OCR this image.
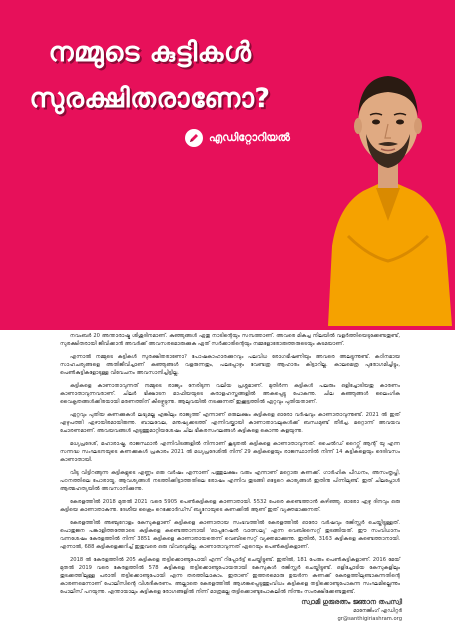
നമ്മുടെ കുട്ടികൾ
സുരക്ഷിതരാണോ?
എഡിറ്റോറിയൽ

നവംബർ 20 അന്താരാഷ്ട്ര ശിശുദിനമാണ്. കുഞ്ഞുങ്ങൾ ഏതു നാടിന്റെയും സമ്പത്താണ്. അവരെ മികച്ച നിലയിൽ വളർത്തിയെടുക്കേണ്ടതുണ്ട്, സുരക്ഷിതരായി ജീവിക്കാൻ അവർക്ക് അവസരമൊരുക്കുക ഏത് സർക്കാരിന്റെയും നമ്മളോരോരുത്തരുടെയും കടമയാണ്.

എന്നാൽ നമ്മുടെ കുട്ടികൾ സുരക്ഷിതരാണോ? പോഷകാഹാരക്കുറവും പലവിധ രോഗഭീഷണിയും അവരെ അലട്ടുന്നുണ്ട്. കഠിനമായ സാഹചര്യങ്ങളെ അതിജീവിച്ചാണ് കുഞ്ഞുങ്ങൾ വളരുന്നതും, പലപ്പോഴും വേണ്ടത്ര ആഹാരം കിട്ടാറില്ല. കാലമെത്ര പുരോഗമിച്ചിട്ടും, പെൺകുട്ടികളോടുള്ള വിവേചനം അവസാനിച്ചിട്ടില്ല.

കുട്ടികളെ കാണാതാവുന്നത് നമ്മുടെ രാജ്യം നേരിടുന്ന വലിയ പ്രശ്നമാണ്. മുതിർന്ന കുട്ടികൾ പലരും ഒളിച്ചോടിയതു കാരണം കാണാതാവുന്നവരാണ്. ചിലർ ഭിക്ഷാടന മാഫിയയുടെ കരാളഹസ്തങ്ങളിൽ അകപ്പെട്ടു പോകുന്നു. ചില കുഞ്ഞുങ്ങൾ ലൈംഗിക വൈകൃതങ്ങൾക്കിരയായി മരണത്തിന് കീഴ്പ്പെടുന്നു. ആലുവയിൽ നടക്കുന്നത് ഇക്കൂട്ടത്തിൽ ഏറ്റവും പുതിയതാണ്.

ഏറ്റവും പുതിയ കണക്കുകൾ ലഭ്യമല്ല എങ്കിലും രാജ്യത്ത് എന്നാണ് ഒരുലക്ഷം കുട്ടികളെ ഓരോ വർഷവും കാണാതാവുന്നുണ്ട്. 2021 ൽ ഇത് എഴുപത്തി ഏഴായിരമായിരുന്നു. ബാലവേല, മനുഷ്യക്കടത്ത് എന്നിവയ്ക്കായി കാണാതാവലുകൾക്ക് ബന്ധമുണ്ട് തീർച്ച. മറ്റൊന്ന് അവയവ ചോരണമാണ്. അവയവങ്ങൾ എടുത്തുമാറ്റിയശേഷം ചില ഭീകരസംഘങ്ങൾ കുട്ടികളെ കൊന്നു കളയുന്നു.

മധ്യപ്രദേശ്, മഹാരാഷ്ട്ര, രാജസ്ഥാൻ എന്നിവിടങ്ങളിൽ നിന്നാണ് കൂടുതൽ കുട്ടികളെ കാണാതാവുന്നത്. ചൈൽഡ് റൈറ്റ്സ് ആന്റ് യു എന്ന സന്നദ്ധ സംഘടനയുടെ കണക്കുകൾ പ്രകാരം 2021 ൽ മധ്യപ്രദേശിൽ നിന്ന് 29 കുട്ടികളെയും രാജസ്ഥാനിൽ നിന്ന് 14 കുട്ടികളെയും ദെദിവസം കാണാതായി.

വീടു വിട്ടിറങ്ങുന്ന കുട്ടികളുടെ എണ്ണം ഒരു വർഷം എന്നാണ് പത്തുലക്ഷം വരും എന്നാണ് മറ്റൊരു കണക്ക്. ഗാർഹിക പീഡനം, അസംതൃപ്തി, പഠനത്തിലെ പോരായ്മ, ആവശ്യങ്ങൾ നടത്തിക്കിട്ടാത്തതിലെ രോഷം എന്നിവ തുടങ്ങി ഒട്ടേറെ കാര്യങ്ങൾ ഇതിനു പിന്നിലുണ്ട്. ഇത് ചിലപ്പോൾ ആത്മഹത്യയിൽ അവസാനിക്കുന്നു.

കേരളത്തിൽ 2018 മുതൽ 2021 വരെ 5905 പെൺകുട്ടികളെ കാണാതായി. 5532 പേരെ കണ്ടെത്താൻ കഴിഞ്ഞു. ഓരോ ഏഴു ദിനവും ഒരു കുട്ടിയെ കാണാതാകുന്നു. ദേശീയ ക്രൈം റെക്കോർഡ്സ് ബ്യൂറോയുടെ കണക്കിൽ ആണ് ഇത് വ്യക്തമാക്കുന്നത്.

കേരളത്തിൽ അഞ്ചുറോളം കേസുകളാണ് കുട്ടികളെ കാണാതായ സംഭവത്തിൽ കേരളത്തിൽ ഓരോ വർഷവും രജിസ്റ്റർ ചെയ്തിട്ടുള്ളത്. പൊതുജന പങ്കാളിത്തത്തോടെ കുട്ടികളെ കണ്ടെത്താനായി 'ഓപ്പറേഷൻ വാത്സല്യ' എന്ന വെബ്സൈറ്റ് തുടങ്ങിയത്. ഈ സംവിധാനം വന്നശേഷം കേരളത്തിൽ നിന്ന് 3851 കുട്ടികളെ കാണാതായതെന്ന് വെബ്സൈറ്റ് വ്യക്തമാക്കുന്നു. ഇതിൽ, 3163 കുട്ടികളെ കണ്ടെത്താനായി. എന്നാൽ, 688 കുട്ടികളെക്കുറിച്ച് ഇതുവരെ ഒരു വിവരവുമില്ല. കാണാതാവുന്നത് ഏറെയും പെൺകുട്ടികളാണ്.

2018 ൽ കേരളത്തിൽ 205 കുട്ടികളെ തട്ടിക്കൊണ്ടുപോയി എന്ന് റിപ്പോർട്ട് ചെയ്തിട്ടുണ്ട്. ഇതിൽ, 181 പേരും പെൺകുട്ടികളാണ്. 2016 മേയ് മുതൽ 2019 വരെ കേരളത്തിൽ 578 കുട്ടികളെ തട്ടിക്കൊണ്ടുപോയതായി കേസുകൾ രജിസ്റ്റർ ചെയ്തിട്ടുണ്ട്. ഒളിച്ചോടിയ കേസുകളിലും തുടക്കത്തിലുള്ള പരാതി തട്ടിക്കൊണ്ടുപോയി എന്ന തരത്തിലാകാം. ഇതാണ് ഇത്തരമൊരു ഉയർന്ന കണക്ക് കേരളത്തിലുണ്ടാകുന്നതിന്റെ കാരണമെന്നാണ് പോലീസിന്റെ വിശദീകരണം. അല്ലാതെ കേരളത്തിൽ ആശങ്കപ്പെടുത്തുംവിധം കുട്ടികളെ തട്ടിക്കൊണ്ടുപോകുന്ന സംഘമില്ലെന്നും പോലീസ് പറയുന്നു. എന്തായാലും കുട്ടികളെ രോഗങ്ങളിൽ നിന്ന് മാത്രമല്ല തട്ടിക്കൊണ്ടുപോകലിൽ നിന്നും സംരക്ഷിക്കേണ്ടതുണ്ട്.

സ്വാമി ഗുരുരത്നം ജ്ഞാന തപസ്വി
മാനേജിംഗ് എഡിറ്റർ
gr@santhigiriashram.org
